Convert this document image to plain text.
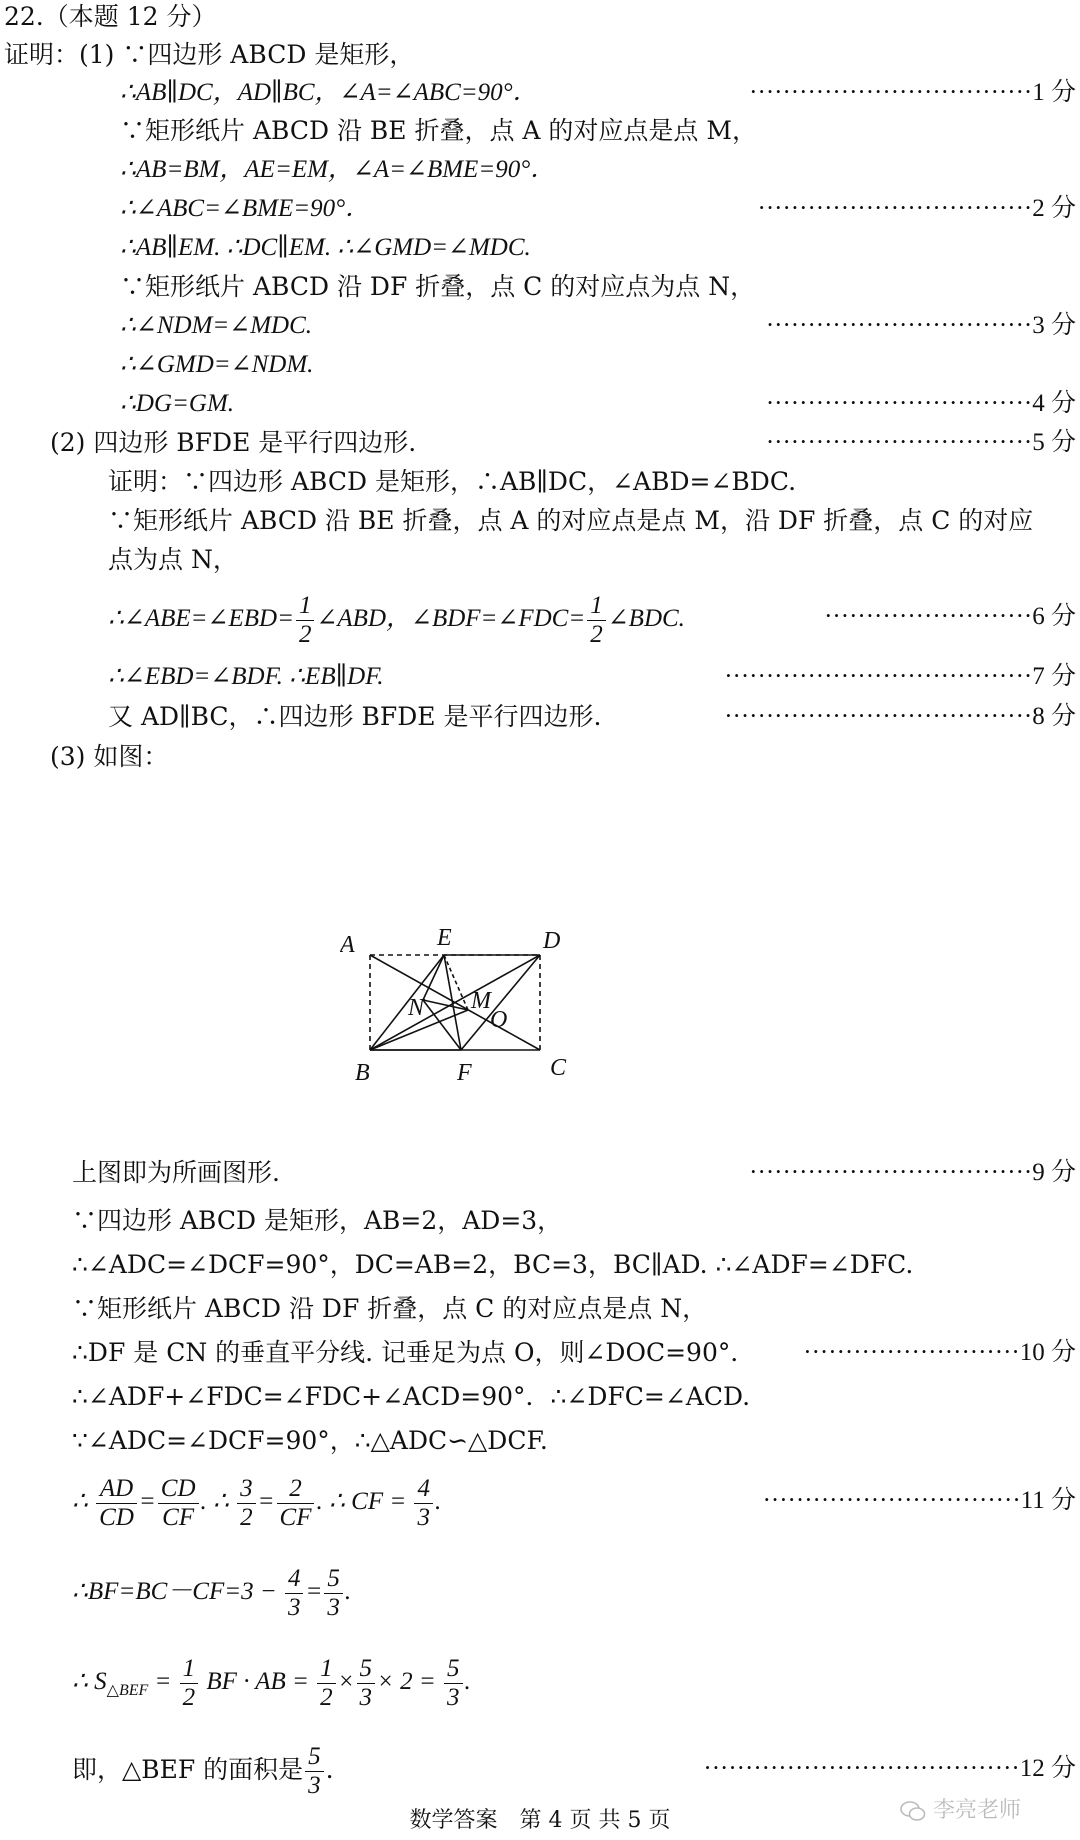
22.（本题 12 分）
证明：(1) ∵四边形 ABCD 是矩形，
∴AB∥DC，AD∥BC，∠A=∠ABC=90°．	··································1 分
∵矩形纸片 ABCD 沿 BE 折叠，点 A 的对应点是点 M，
∴AB=BM，AE=EM，∠A=∠BME=90°．
∴∠ABC=∠BME=90°．	·································2 分
∴AB∥EM. ∴DC∥EM. ∴∠GMD=∠MDC.
∵矩形纸片 ABCD 沿 DF 折叠，点 C 的对应点为点 N，
∴∠NDM=∠MDC.	································3 分
∴∠GMD=∠NDM.
∴DG=GM.	································4 分
(2) 四边形 BFDE 是平行四边形.	································5 分
证明：∵四边形 ABCD 是矩形，∴AB∥DC，∠ABD=∠BDC.
∵矩形纸片 ABCD 沿 BE 折叠，点 A 的对应点是点 M，沿 DF 折叠，点 C 的对应
点为点 N，
∴∠ABE=∠EBD= $\frac{1}{2}$ ∠ABD，∠BDF=∠FDC= $\frac{1}{2}$ ∠BDC.	·························6 分
∴∠EBD=∠BDF. ∴EB∥DF.	·····································7 分
又 AD∥BC，∴四边形 BFDE 是平行四边形.	·····································8 分
(3) 如图：
A	E	D
N M
O
B	F	C
上图即为所画图形.	··································9 分
∵四边形 ABCD 是矩形，AB=2，AD=3，
∴∠ADC=∠DCF=90°，DC=AB=2，BC=3，BC∥AD. ∴∠ADF=∠DFC.
∵矩形纸片 ABCD 沿 DF 折叠，点 C 的对应点是点 N，
∴DF 是 CN 的垂直平分线. 记垂足为点 O，则∠DOC=90°． ··························10 分
∴∠ADF+∠FDC=∠FDC+∠ACD=90°．∴∠DFC=∠ACD.
∵∠ADC=∠DCF=90°，∴△ADC∽△DCF.
∴ $\frac{AD}{CD} = \frac{CD}{CF}$ . ∴ $\frac{3}{2} = \frac{2}{CF}$ . ∴ CF = $\frac{4}{3}$ .	·······························11 分
∴BF=BC－CF=3 − $\frac{4}{3} = \frac{5}{3}$ .
∴ $S_{\triangle BEF} = \frac{1}{2}$ BF · AB = $\frac{1}{2} \times \frac{5}{3} \times 2 = \frac{5}{3}$ .
即，△BEF 的面积是 $\frac{5}{3}$ .	······································12 分
数学答案　第 4 页 共 5 页	李亮老师
